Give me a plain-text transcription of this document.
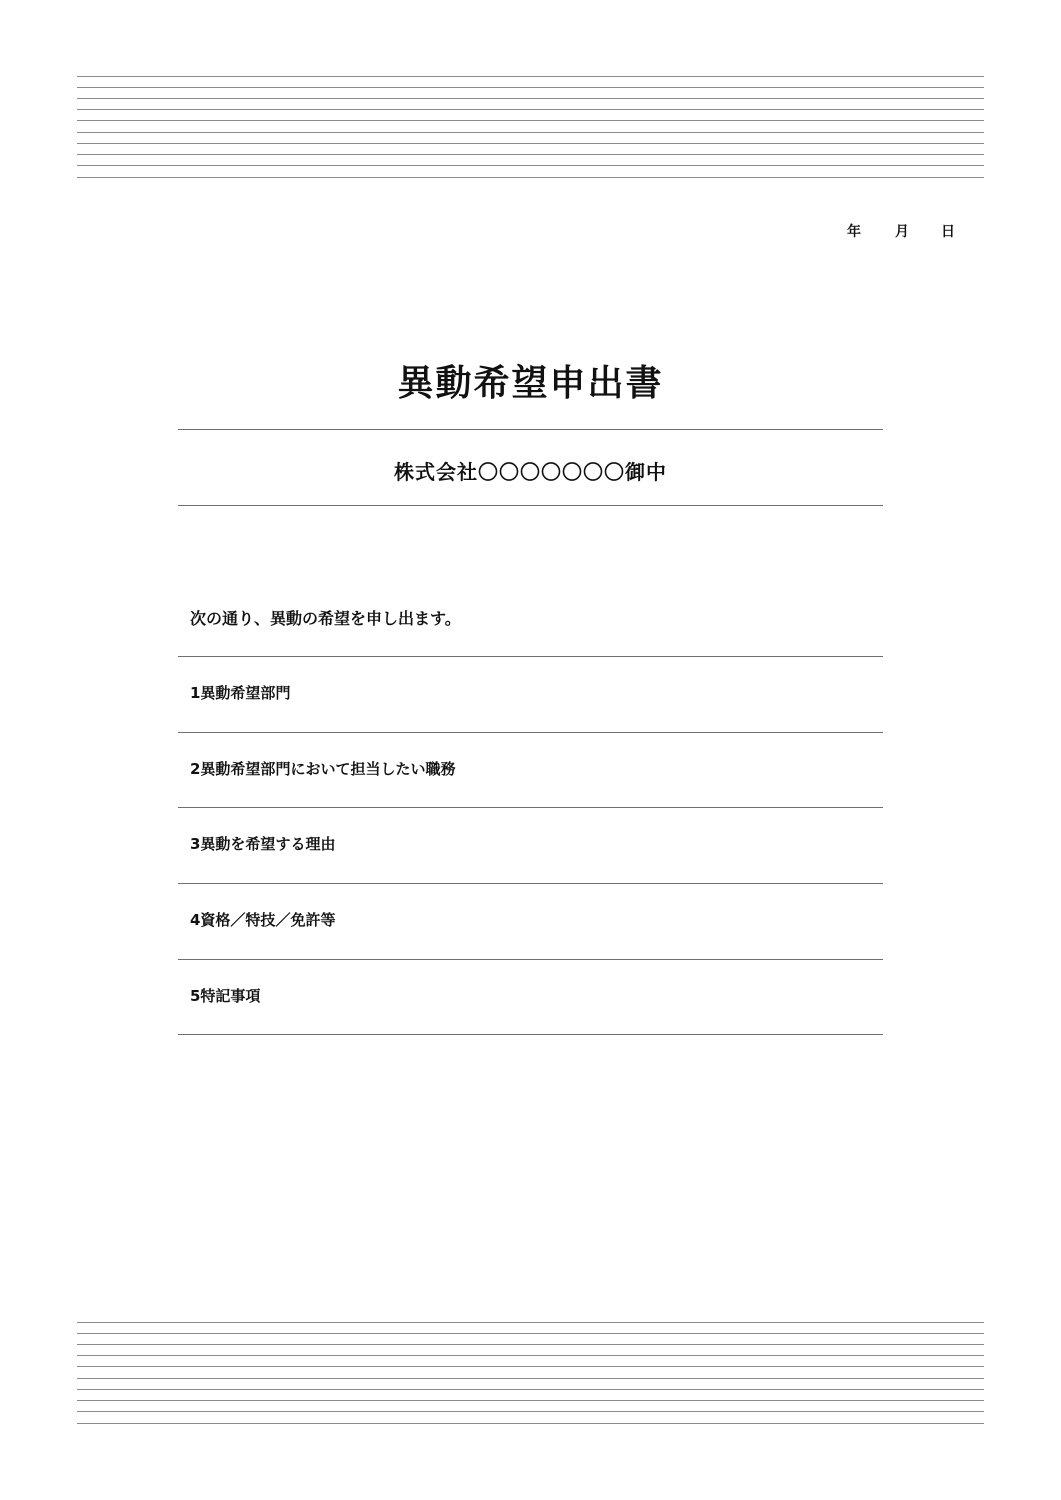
年 月 日
異動希望申出書
株式会社〇〇〇〇〇〇〇御中
次の通り、異動の希望を申し出ます。
1異動希望部門
2異動希望部門において担当したい職務
3異動を希望する理由
4資格／特技／免許等
5特記事項
